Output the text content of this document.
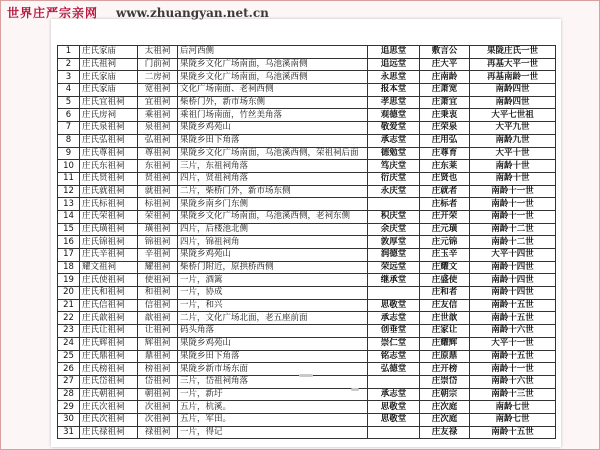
世界庄严宗亲网 www.zhuangyan.net.cn
1	庄氏家庙	太祖祠	后河西侧	追思堂	敷言公	果陇庄氏一世
2	庄氏祖祠	门前祠	果陇乡文化广场南面，乌池溪南侧	追远堂	庄大平	再基大平一世
3	庄氏家庙	二房祠	果陇乡文化广场南面，乌池溪西侧	永思堂	庄南龄	再基南龄一世
4	庄氏家庙	宽祖祠	文化广场南面、老祠西侧	报本堂	庄萧宽	南龄四世
5	庄氏宜祖祠	宜祖祠	柴桥门外，新市场东侧	孝思堂	庄萧宜	南龄四世
6	庄氏房祠	乘祖祠	乘祖门场南面，竹丝美角落	观德堂	庄秉衷	大平七世祖
7	庄氏泉祖祠	泉祖祠	果陇乡鸡苑山	敬爱堂	庄荣泉	大平九世
8	庄氏弘祖祠	弘祖祠	果陇乡田下角落	承志堂	庄用弘	南龄九世
9	庄氏尊祖祠	尊祖祠	果陇乡文化广场南面，乌池溪西侧，荣祖祠后面	德勉堂	庄尊育	大平十世
10	庄氏东祖祠	东祖祠	三片，东祖祠角落	笃庆堂	庄东莱	南龄十世
11	庄氏贤祖祠	贤祖祠	四片，贤祖祠角落	衍庆堂	庄贤也	南龄十世
12	庄氏就祖祠	就祖祠	二片，柴桥门外，新市场东侧	永庆堂	庄就者	南龄十一世
13	庄氏标祖祠	标祖祠	果陇乡南乡门东侧		庄标者	南龄十一世
14	庄氏荣祖祠	荣祖祠	果陇乡文化广场南面，乌池溪西侧，老祠东侧	积庆堂	庄开荣	南龄十一世
15	庄氏璜祖祠	璜祖祠	四片，后楼池北侧	余庆堂	庄元璜	南龄十二世
16	庄氏锦祖祠	锦祖祠	四片，锦祖祠角	敦厚堂	庄元锦	南龄十二世
17	庄氏辛祖祠	辛祖祠	果陇乡鸡苑山	润德堂	庄玉辛	大平十四世
18	耀文祖祠	耀祖祠	柴桥门附近，原拱桥西侧	荣远堂	庄耀文	南龄十四世
19	庄氏使祖祠	使祖祠	一片，酒篱	继承堂	庄盛使	南龄十四世
20	庄氏和祖祠	和祖祠	一片，协成		庄和者	南龄十四世
21	庄氏信祖祠	信祖祠	一片，和兴	思敬堂	庄友信	南龄十五世
22	庄氏歆祖祠	歆祖祠	二片，文化广场北面，老五座前面	承志堂	庄世歆	南龄十五世
23	庄氏让祖祠	让祖祠	码头角落	创垂堂	庄家让	南龄十六世
24	庄氏辉祖祠	辉祖祠	果陇乡鸡苑山	崇仁堂	庄耀辉	大平十一世
25	庄氏鼎祖祠	鼎祖祠	果陇乡田下角落	铭志堂	庄原鼎	南龄十五世
26	庄氏榜祖祠	榜祖祠	果陇乡新市场东面	弘德堂	庄开榜	南龄十一世
27	庄氏岱祖祠	岱祖祠	三片，岱祖祠角落		庄崇岱	南龄十六世
28	庄氏朝祖祠	朝祖祠	一片，新圩	承志堂	庄朝宗	南龄十三世
29	庄氏次祖祠	次祖祠	五片，杭溪。	思敬堂	庄次庭	南龄七世
30	庄氏次祖祠	次祖祠	五片，军田。	思敬堂	庄次庭	南龄七世
31	庄氏禄祖祠	禄祖祠	一片，得记		庄友禄	南龄十五世
